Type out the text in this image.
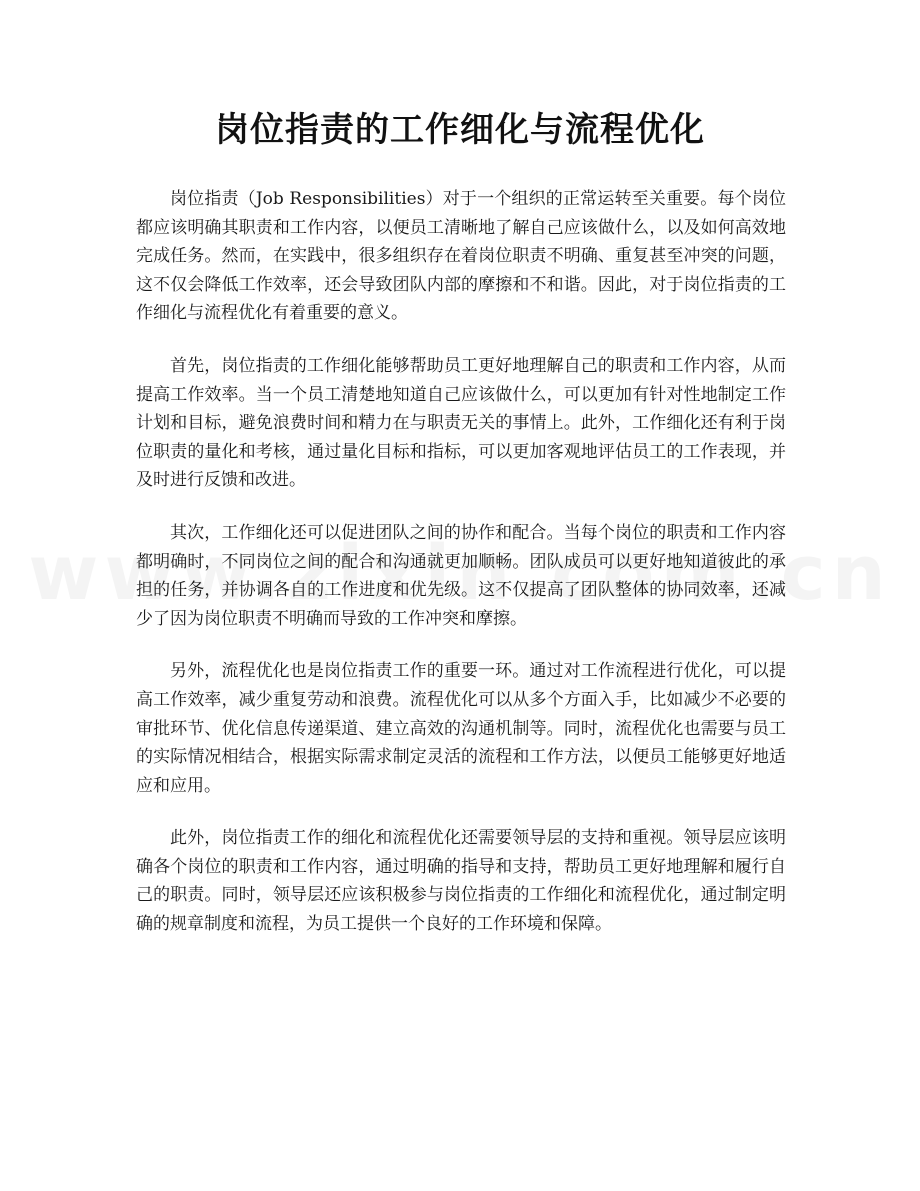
岗位指责的工作细化与流程优化

岗位指责（Job Responsibilities）对于一个组织的正常运转至关重要。每个岗位都应该明确其职责和工作内容，以便员工清晰地了解自己应该做什么，以及如何高效地完成任务。然而，在实践中，很多组织存在着岗位职责不明确、重复甚至冲突的问题，这不仅会降低工作效率，还会导致团队内部的摩擦和不和谐。因此，对于岗位指责的工作细化与流程优化有着重要的意义。

首先，岗位指责的工作细化能够帮助员工更好地理解自己的职责和工作内容，从而提高工作效率。当一个员工清楚地知道自己应该做什么，可以更加有针对性地制定工作计划和目标，避免浪费时间和精力在与职责无关的事情上。此外，工作细化还有利于岗位职责的量化和考核，通过量化目标和指标，可以更加客观地评估员工的工作表现，并及时进行反馈和改进。

其次，工作细化还可以促进团队之间的协作和配合。当每个岗位的职责和工作内容都明确时，不同岗位之间的配合和沟通就更加顺畅。团队成员可以更好地知道彼此的承担的任务，并协调各自的工作进度和优先级。这不仅提高了团队整体的协同效率，还减少了因为岗位职责不明确而导致的工作冲突和摩擦。

另外，流程优化也是岗位指责工作的重要一环。通过对工作流程进行优化，可以提高工作效率，减少重复劳动和浪费。流程优化可以从多个方面入手，比如减少不必要的审批环节、优化信息传递渠道、建立高效的沟通机制等。同时，流程优化也需要与员工的实际情况相结合，根据实际需求制定灵活的流程和工作方法，以便员工能够更好地适应和应用。

此外，岗位指责工作的细化和流程优化还需要领导层的支持和重视。领导层应该明确各个岗位的职责和工作内容，通过明确的指导和支持，帮助员工更好地理解和履行自己的职责。同时，领导层还应该积极参与岗位指责的工作细化和流程优化，通过制定明确的规章制度和流程，为员工提供一个良好的工作环境和保障。
